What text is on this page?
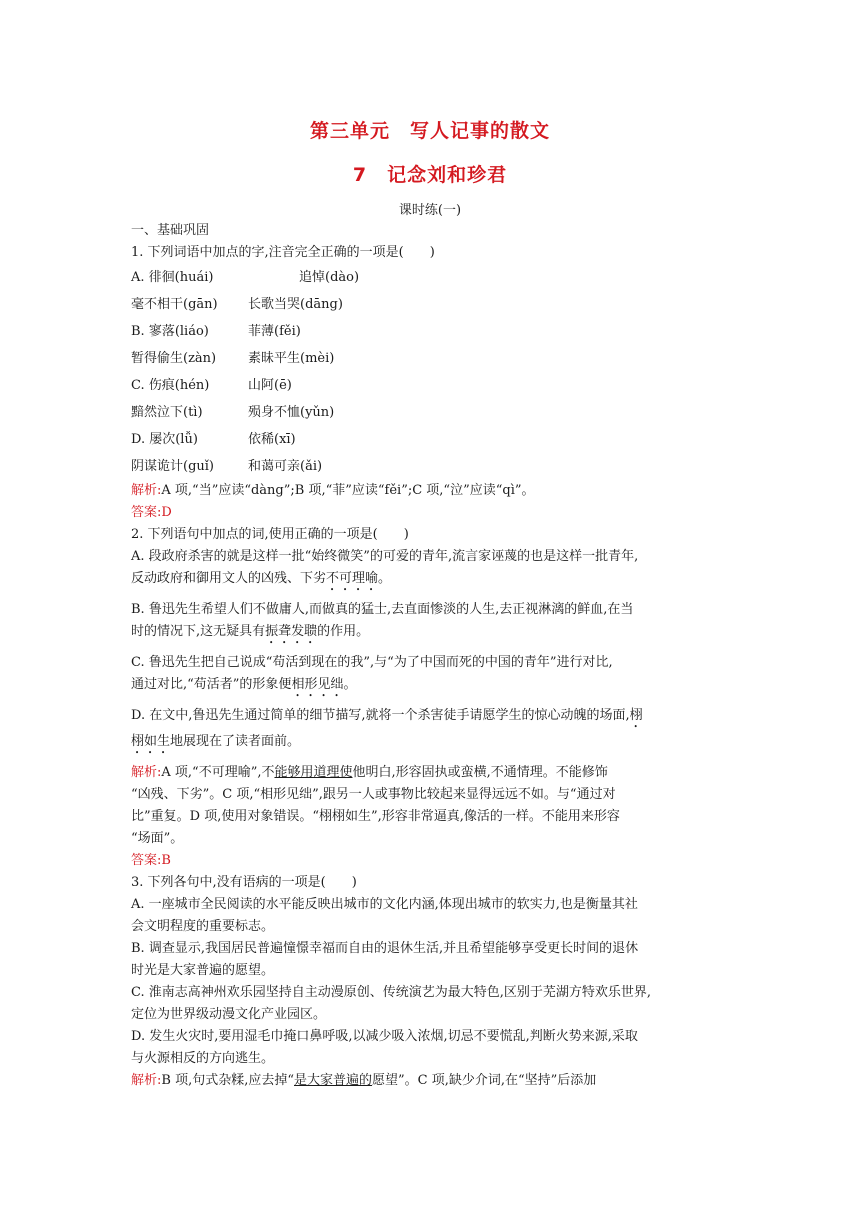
第三单元　写人记事的散文
7　记念刘和珍君
课时练(一)
一、基础巩固
1. 下列词语中加点的字,注音完全正确的一项是(　　)
A. 徘徊(huái)	追悼(dào)
毫不相干(gān) 长歌当哭(dāng)
B. 寥落(liáo)	菲薄(fěi)
暂得偷生(zàn) 素昧平生(mèi)
C. 伤痕(hén)	山阿(ē)
黯然泣下(tì)	殒身不恤(yǔn)
D. 屡次(lǚ)	依稀(xī)
阴谋诡计(guǐ)	和蔼可亲(ǎi)
解析:A 项,“当”应读“dàng”;B 项,“菲”应读“fěi”;C 项,“泣”应读“qì”。
答案:D
2. 下列语句中加点的词,使用正确的一项是(　　)
A. 段政府杀害的就是这样一批“始终微笑”的可爱的青年,流言家诬蔑的也是这样一批青年,
反动政府和御用文人的凶残、下劣不可理喻。
B. 鲁迅先生希望人们不做庸人,而做真的猛士,去直面惨淡的人生,去正视淋漓的鲜血,在当
时的情况下,这无疑具有振聋发聩的作用。
C. 鲁迅先生把自己说成“苟活到现在的我”,与“为了中国而死的中国的青年”进行对比,
通过对比,“苟活者”的形象便相形见绌。
D. 在文中,鲁迅先生通过简单的细节描写,就将一个杀害徒手请愿学生的惊心动魄的场面,栩
栩如生地展现在了读者面前。
解析:A 项,“不可理喻”,不能够用道理使他明白,形容固执或蛮横,不通情理。不能修饰
“凶残、下劣”。C 项,“相形见绌”,跟另一人或事物比较起来显得远远不如。与“通过对
比”重复。D 项,使用对象错误。“栩栩如生”,形容非常逼真,像活的一样。不能用来形容
“场面”。
答案:B
3. 下列各句中,没有语病的一项是(　　)
A. 一座城市全民阅读的水平能反映出城市的文化内涵,体现出城市的软实力,也是衡量其社
会文明程度的重要标志。
B. 调查显示,我国居民普遍憧憬幸福而自由的退休生活,并且希望能够享受更长时间的退休
时光是大家普遍的愿望。
C. 淮南志高神州欢乐园坚持自主动漫原创、传统演艺为最大特色,区别于芜湖方特欢乐世界,
定位为世界级动漫文化产业园区。
D. 发生火灾时,要用湿毛巾掩口鼻呼吸,以减少吸入浓烟,切忌不要慌乱,判断火势来源,采取
与火源相反的方向逃生。
解析:B 项,句式杂糅,应去掉“是大家普遍的愿望”。C 项,缺少介词,在“坚持”后添加
